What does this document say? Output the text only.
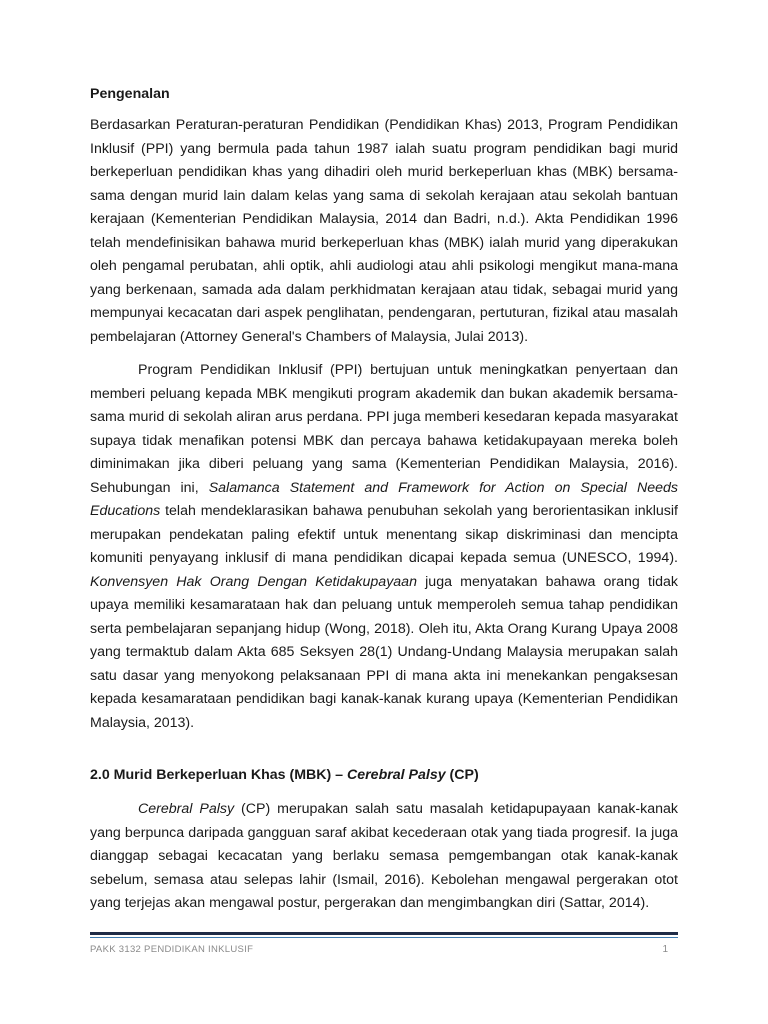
Pengenalan

Berdasarkan Peraturan-peraturan Pendidikan (Pendidikan Khas) 2013, Program Pendidikan Inklusif (PPI) yang bermula pada tahun 1987 ialah suatu program pendidikan bagi murid berkeperluan pendidikan khas yang dihadiri oleh murid berkeperluan khas (MBK) bersama-sama dengan murid lain dalam kelas yang sama di sekolah kerajaan atau sekolah bantuan kerajaan (Kementerian Pendidikan Malaysia, 2014 dan Badri, n.d.). Akta Pendidikan 1996 telah mendefinisikan bahawa murid berkeperluan khas (MBK) ialah murid yang diperakukan oleh pengamal perubatan, ahli optik, ahli audiologi atau ahli psikologi mengikut mana-mana yang berkenaan, samada ada dalam perkhidmatan kerajaan atau tidak, sebagai murid yang mempunyai kecacatan dari aspek penglihatan, pendengaran, pertuturan, fizikal atau masalah pembelajaran (Attorney General's Chambers of Malaysia, Julai 2013).

Program Pendidikan Inklusif (PPI) bertujuan untuk meningkatkan penyertaan dan memberi peluang kepada MBK mengikuti program akademik dan bukan akademik bersama-sama murid di sekolah aliran arus perdana. PPI juga memberi kesedaran kepada masyarakat supaya tidak menafikan potensi MBK dan percaya bahawa ketidakupayaan mereka boleh diminimakan jika diberi peluang yang sama (Kementerian Pendidikan Malaysia, 2016). Sehubungan ini, Salamanca Statement and Framework for Action on Special Needs Educations telah mendeklarasikan bahawa penubuhan sekolah yang berorientasikan inklusif merupakan pendekatan paling efektif untuk menentang sikap diskriminasi dan mencipta komuniti penyayang inklusif di mana pendidikan dicapai kepada semua (UNESCO, 1994). Konvensyen Hak Orang Dengan Ketidakupayaan juga menyatakan bahawa orang tidak upaya memiliki kesamarataan hak dan peluang untuk memperoleh semua tahap pendidikan serta pembelajaran sepanjang hidup (Wong, 2018). Oleh itu, Akta Orang Kurang Upaya 2008 yang termaktub dalam Akta 685 Seksyen 28(1) Undang-Undang Malaysia merupakan salah satu dasar yang menyokong pelaksanaan PPI di mana akta ini menekankan pengaksesan kepada kesamarataan pendidikan bagi kanak-kanak kurang upaya (Kementerian Pendidikan Malaysia, 2013).

2.0 Murid Berkeperluan Khas (MBK) – Cerebral Palsy (CP)

Cerebral Palsy (CP) merupakan salah satu masalah ketidapupayaan kanak-kanak yang berpunca daripada gangguan saraf akibat kecederaan otak yang tiada progresif. Ia juga dianggap sebagai kecacatan yang berlaku semasa pemgembangan otak kanak-kanak sebelum, semasa atau selepas lahir (Ismail, 2016). Kebolehan mengawal pergerakan otot yang terjejas akan mengawal postur, pergerakan dan mengimbangkan diri (Sattar, 2014).

PAKK 3132 PENDIDIKAN INKLUSIF	1
